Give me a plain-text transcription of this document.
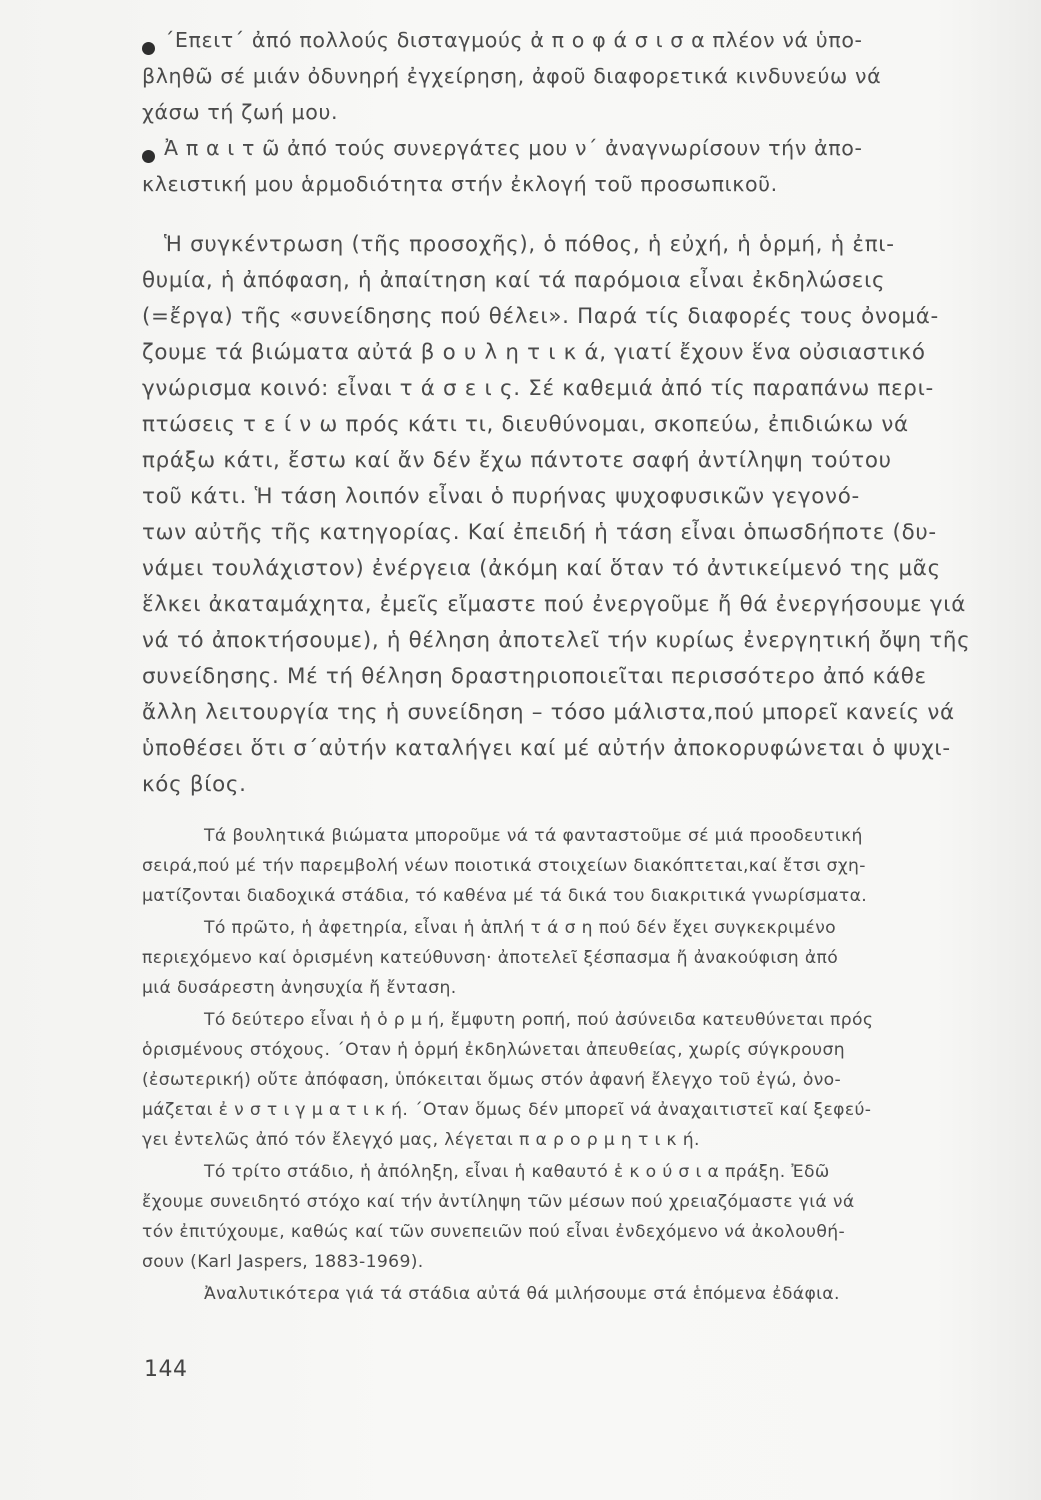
΄Επειτ΄ ἀπό πολλούς δισταγμούς ἀ π ο φ ά σ ι σ α πλέον νά ὑπο-
βληθῶ σέ μιάν ὀδυνηρή ἐγχείρηση, ἀφοῦ διαφορετικά κινδυνεύω νά
χάσω τή ζωή μου.
Ἀ π α ι τ ῶ ἀπό τούς συνεργάτες μου ν΄ ἀναγνωρίσουν τήν ἀπο-
κλειστική μου ἁρμοδιότητα στήν ἐκλογή τοῦ προσωπικοῦ.
Ἡ συγκέντρωση (τῆς προσοχῆς), ὁ πόθος, ἡ εὐχή, ἡ ὁρμή, ἡ ἐπι-
θυμία, ἡ ἀπόφαση, ἡ ἀπαίτηση καί τά παρόμοια εἶναι ἐκδηλώσεις
(=ἔργα) τῆς «συνείδησης πού θέλει». Παρά τίς διαφορές τους ὀνομά-
ζουμε τά βιώματα αὐτά β ο υ λ η τ ι κ ά, γιατί ἔχουν ἕνα οὐσιαστικό
γνώρισμα κοινό: εἶναι τ ά σ ε ι ς. Σέ καθεμιά ἀπό τίς παραπάνω περι-
πτώσεις τ ε ί ν ω πρός κάτι τι, διευθύνομαι, σκοπεύω, ἐπιδιώκω νά
πράξω κάτι, ἔστω καί ἄν δέν ἔχω πάντοτε σαφή ἀντίληψη τούτου
τοῦ κάτι. Ἡ τάση λοιπόν εἶναι ὁ πυρήνας ψυχοφυσικῶν γεγονό-
των αὐτῆς τῆς κατηγορίας. Καί ἐπειδή ἡ τάση εἶναι ὁπωσδήποτε (δυ-
νάμει τουλάχιστον) ἐνέργεια (ἀκόμη καί ὅταν τό ἀντικείμενό της μᾶς
ἕλκει ἀκαταμάχητα, ἐμεῖς εἴμαστε πού ἐνεργοῦμε ἤ θά ἐνεργήσουμε γιά
νά τό ἀποκτήσουμε), ἡ θέληση ἀποτελεῖ τήν κυρίως ἐνεργητική ὄψη τῆς
συνείδησης. Μέ τή θέληση δραστηριοποιεῖται περισσότερο ἀπό κάθε
ἄλλη λειτουργία της ἡ συνείδηση – τόσο μάλιστα,πού μπορεῖ κανείς νά
ὑποθέσει ὅτι σ΄αὐτήν καταλήγει καί μέ αὐτήν ἀποκορυφώνεται ὁ ψυχι-
κός βίος.
Τά βουλητικά βιώματα μποροῦμε νά τά φανταστοῦμε σέ μιά προοδευτική
σειρά,πού μέ τήν παρεμβολή νέων ποιοτικά στοιχείων διακόπτεται,καί ἔτσι σχη-
ματίζονται διαδοχικά στάδια, τό καθένα μέ τά δικά του διακριτικά γνωρίσματα.
Τό πρῶτο, ἡ ἀφετηρία, εἶναι ἡ ἁπλή τ ά σ η πού δέν ἔχει συγκεκριμένο
περιεχόμενο καί ὁρισμένη κατεύθυνση· ἀποτελεῖ ξέσπασμα ἤ ἀνακούφιση ἀπό
μιά δυσάρεστη ἀνησυχία ἤ ἔνταση.
Τό δεύτερο εἶναι ἡ ὁ ρ μ ή, ἔμφυτη ροπή, πού ἀσύνειδα κατευθύνεται πρός
ὁρισμένους στόχους. ΄Οταν ἡ ὁρμή ἐκδηλώνεται ἀπευθείας, χωρίς σύγκρουση
(ἐσωτερική) οὔτε ἀπόφαση, ὑπόκειται ὅμως στόν ἀφανή ἔλεγχο τοῦ ἐγώ, ὀνο-
μάζεται ἐ ν σ τ ι γ μ α τ ι κ ή. ΄Οταν ὅμως δέν μπορεῖ νά ἀναχαιτιστεῖ καί ξεφεύ-
γει ἐντελῶς ἀπό τόν ἔλεγχό μας, λέγεται π α ρ ο ρ μ η τ ι κ ή.
Τό τρίτο στάδιο, ἡ ἀπόληξη, εἶναι ἡ καθαυτό ἑ κ ο ύ σ ι α πράξη. Ἐδῶ
ἔχουμε συνειδητό στόχο καί τήν ἀντίληψη τῶν μέσων πού χρειαζόμαστε γιά νά
τόν ἐπιτύχουμε, καθώς καί τῶν συνεπειῶν πού εἶναι ἐνδεχόμενο νά ἀκολουθή-
σουν (Karl Jaspers, 1883-1969).
Ἀναλυτικότερα γιά τά στάδια αὐτά θά μιλήσουμε στά ἑπόμενα ἐδάφια.
144
